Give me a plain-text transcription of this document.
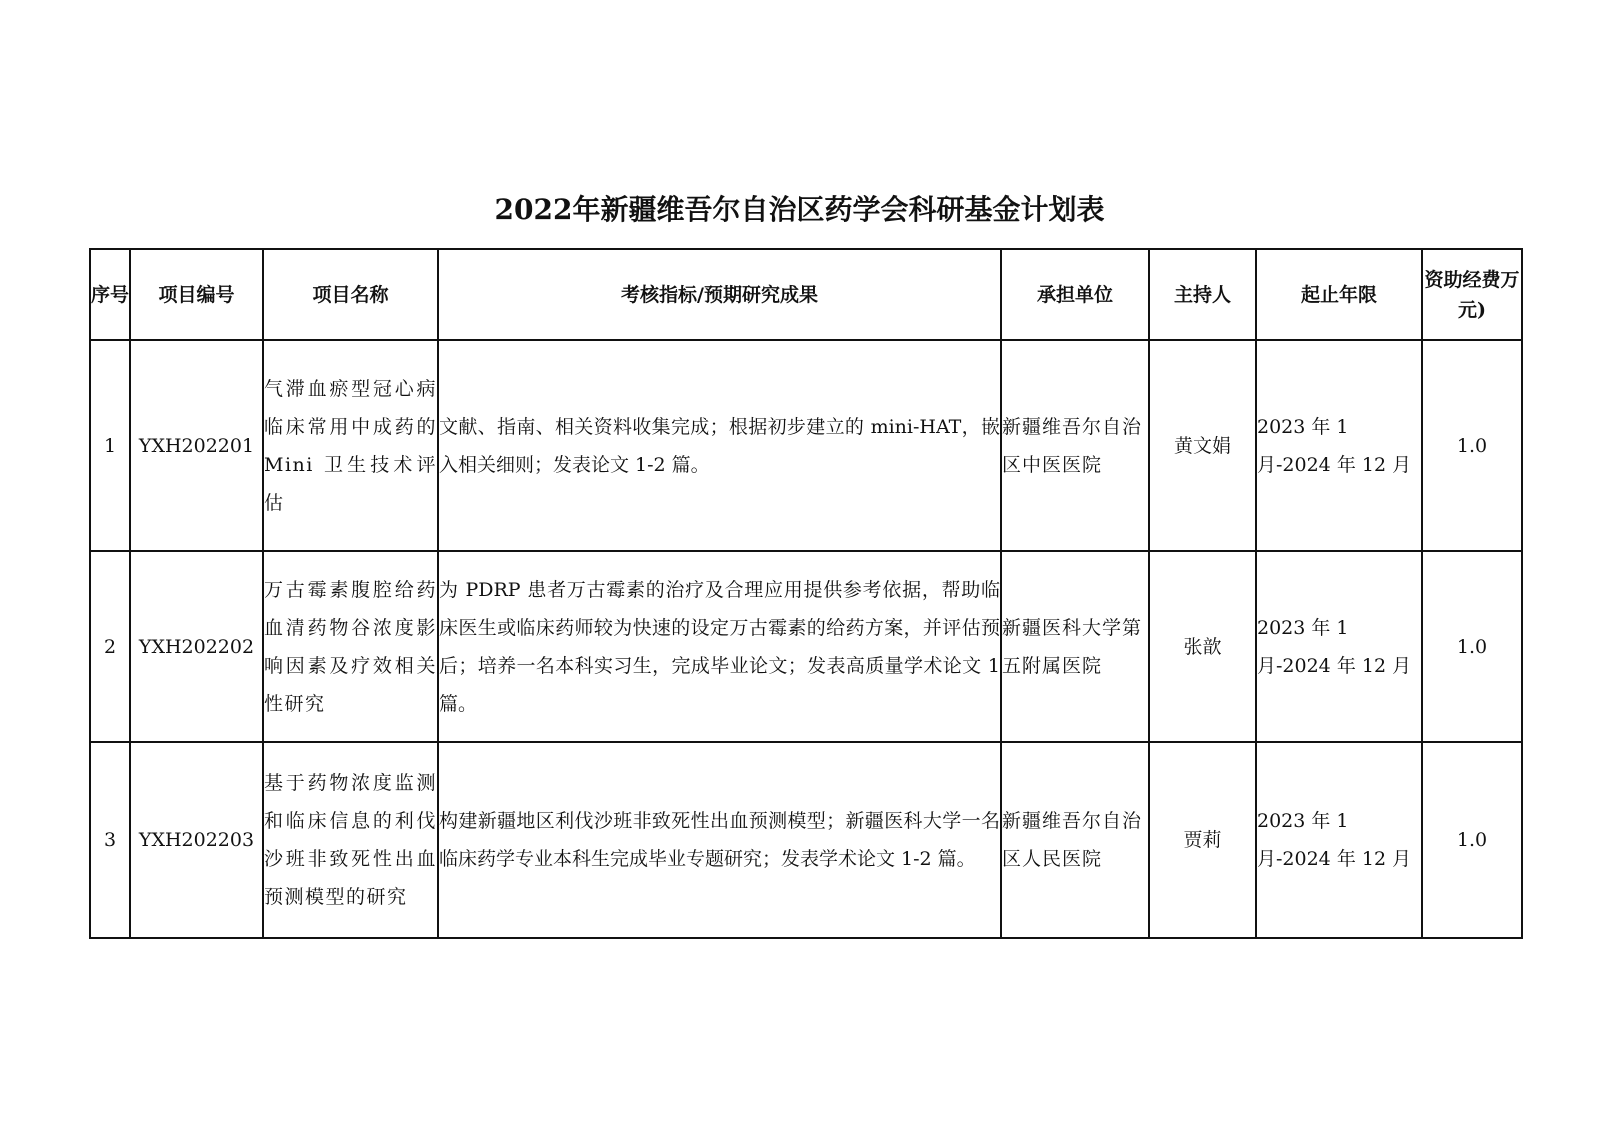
2022年新疆维吾尔自治区药学会科研基金计划表
序号	项目编号	项目名称	考核指标/预期研究成果	承担单位	主持人	起止年限	资助经费万元)
1	YXH202201	气滞血瘀型冠心病临床常用中成药的 Mini 卫生技术评估	文献、指南、相关资料收集完成；根据初步建立的 mini-HAT，嵌入相关细则；发表论文 1-2 篇。	新疆维吾尔自治区中医医院	黄文娟	2023 年 1 月-2024 年 12 月	1.0
2	YXH202202	万古霉素腹腔给药血清药物谷浓度影响因素及疗效相关性研究	为 PDRP 患者万古霉素的治疗及合理应用提供参考依据，帮助临床医生或临床药师较为快速的设定万古霉素的给药方案，并评估预后；培养一名本科实习生，完成毕业论文；发表高质量学术论文 1 篇。	新疆医科大学第五附属医院	张歆	2023 年 1 月-2024 年 12 月	1.0
3	YXH202203	基于药物浓度监测和临床信息的利伐沙班非致死性出血预测模型的研究	构建新疆地区利伐沙班非致死性出血预测模型；新疆医科大学一名临床药学专业本科生完成毕业专题研究；发表学术论文 1-2 篇。	新疆维吾尔自治区人民医院	贾莉	2023 年 1 月-2024 年 12 月	1.0
